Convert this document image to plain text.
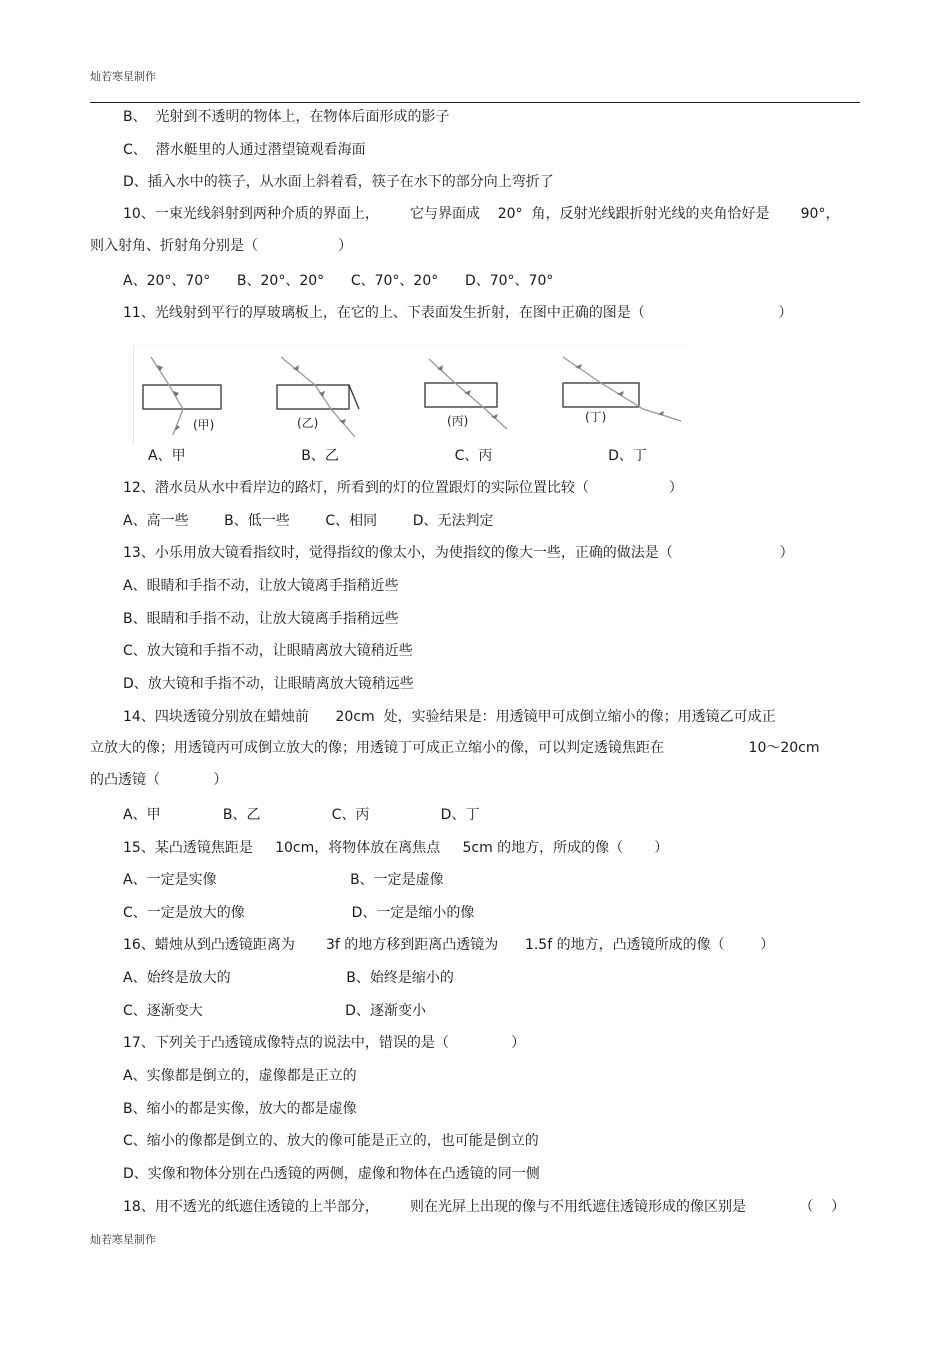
灿若寒星制作
B、  光射到不透明的物体上，在物体后面形成的影子
C、  潜水艇里的人通过潜望镜观看海面
D、插入水中的筷子，从水面上斜着看，筷子在水下的部分向上弯折了
10、一束光线斜射到两种介质的界面上，       它与界面成    20°  角，反射光线跟折射光线的夹角恰好是       90°，
则入射角、折射角分别是（                  ）
A、20°、70°      B、20°、20°      C、70°、20°      D、70°、70°
11、光线射到平行的厚玻璃板上，在它的上、下表面发生折射，在图中正确的图是（                              ）
(甲)	(乙)	(丙)	(丁)
A、甲                          B、乙                          C、丙                          D、丁
12、潜水员从水中看岸边的路灯，所看到的灯的位置跟灯的实际位置比较（                  ）
A、高一些        B、低一些        C、相同        D、无法判定
13、小乐用放大镜看指纹时，觉得指纹的像太小，为使指纹的像大一些，正确的做法是（                        ）
A、眼睛和手指不动，让放大镜离手指稍近些
B、眼睛和手指不动，让放大镜离手指稍远些
C、放大镜和手指不动，让眼睛离放大镜稍近些
D、放大镜和手指不动，让眼睛离放大镜稍远些
14、四块透镜分别放在蜡烛前      20cm  处，实验结果是：用透镜甲可成倒立缩小的像；用透镜乙可成正
立放大的像；用透镜丙可成倒立放大的像；用透镜丁可成正立缩小的像，可以判定透镜焦距在                   10～20cm
的凸透镜（            ）
A、甲              B、乙                C、丙                D、丁
15、某凸透镜焦距是     10cm，将物体放在离焦点     5cm 的地方，所成的像（       ）
A、一定是实像                              B、一定是虚像
C、一定是放大的像                        D、一定是缩小的像
16、蜡烛从到凸透镜距离为       3f 的地方移到距离凸透镜为      1.5f 的地方，凸透镜所成的像（        ）
A、始终是放大的                          B、始终是缩小的
C、逐渐变大                                D、逐渐变小
17、下列关于凸透镜成像特点的说法中，错误的是（              ）
A、实像都是倒立的，虚像都是正立的
B、缩小的都是实像，放大的都是虚像
C、缩小的像都是倒立的、放大的像可能是正立的，也可能是倒立的
D、实像和物体分别在凸透镜的两侧，虚像和物体在凸透镜的同一侧
18、用不透光的纸遮住透镜的上半部分，       则在光屏上出现的像与不用纸遮住透镜形成的像区别是            （    ）
灿若寒星制作
